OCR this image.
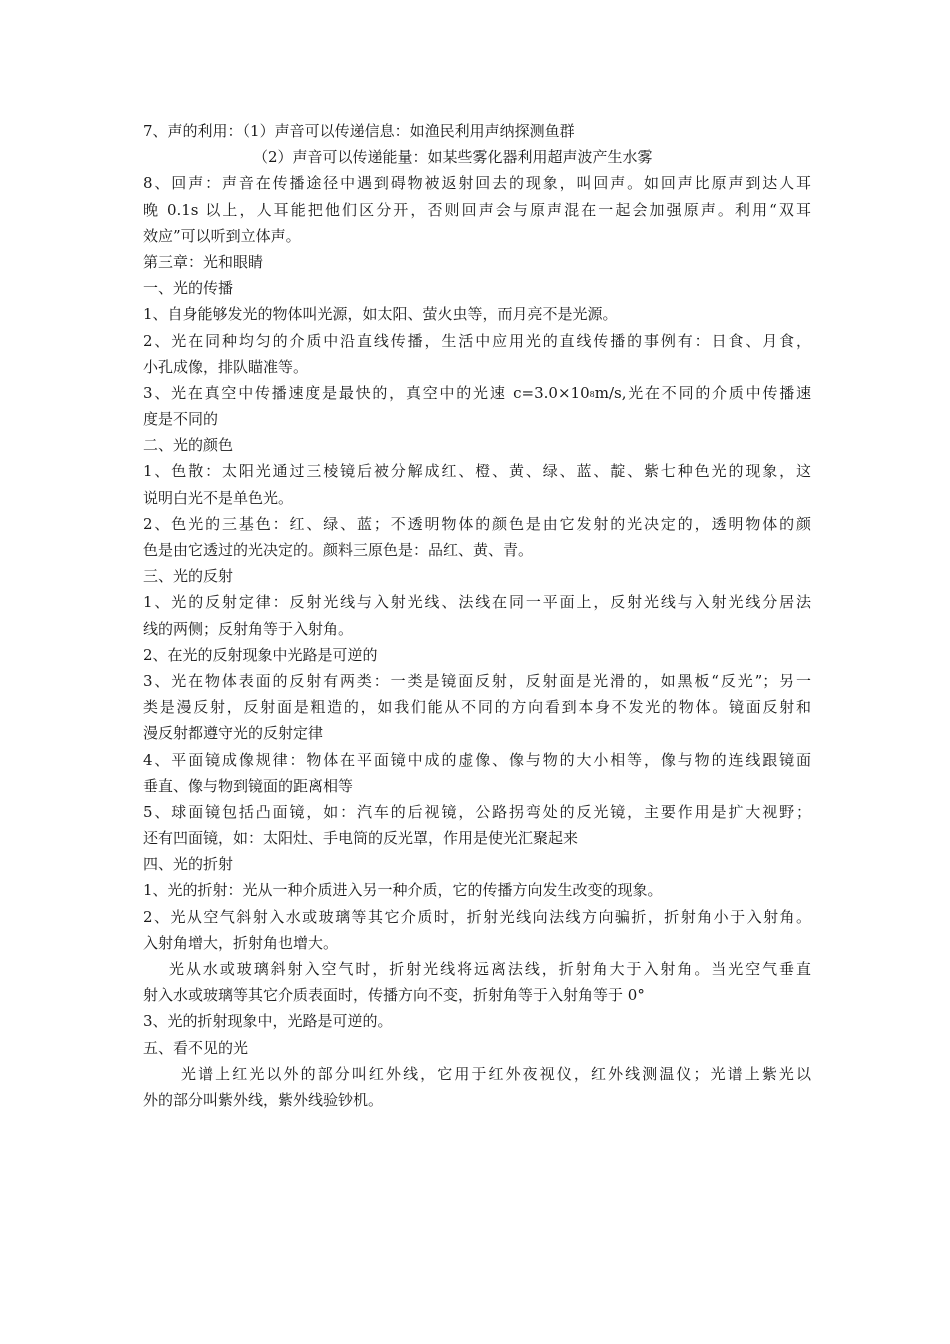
7、声的利用：（1）声音可以传递信息：如渔民利用声纳探测鱼群
（2）声音可以传递能量：如某些雾化器利用超声波产生水雾
8、回声：声音在传播途径中遇到碍物被返射回去的现象，叫回声。如回声比原声到达人耳
晚 0.1s 以上，人耳能把他们区分开，否则回声会与原声混在一起会加强原声。利用“双耳
效应”可以听到立体声。
第三章：光和眼睛
一、光的传播
1、自身能够发光的物体叫光源，如太阳、萤火虫等，而月亮不是光源。
2、光在同种均匀的介质中沿直线传播，生活中应用光的直线传播的事例有：日食、月食，
小孔成像，排队瞄准等。
3、光在真空中传播速度是最快的，真空中的光速 c=3.0×108m/s,光在不同的介质中传播速
度是不同的
二、光的颜色
1、色散：太阳光通过三棱镜后被分解成红、橙、黄、绿、蓝、靛、紫七种色光的现象，这
说明白光不是单色光。
2、色光的三基色：红、绿、蓝；不透明物体的颜色是由它发射的光决定的，透明物体的颜
色是由它透过的光决定的。颜料三原色是：品红、黄、青。
三、光的反射
1、光的反射定律：反射光线与入射光线、法线在同一平面上，反射光线与入射光线分居法
线的两侧；反射角等于入射角。
2、在光的反射现象中光路是可逆的
3、光在物体表面的反射有两类：一类是镜面反射，反射面是光滑的，如黑板“反光”；另一
类是漫反射，反射面是粗造的，如我们能从不同的方向看到本身不发光的物体。镜面反射和
漫反射都遵守光的反射定律
4、平面镜成像规律：物体在平面镜中成的虚像、像与物的大小相等，像与物的连线跟镜面
垂直、像与物到镜面的距离相等
5、球面镜包括凸面镜，如：汽车的后视镜，公路拐弯处的反光镜，主要作用是扩大视野；
还有凹面镜，如：太阳灶、手电筒的反光罩，作用是使光汇聚起来
四、光的折射
1、光的折射：光从一种介质进入另一种介质，它的传播方向发生改变的现象。
2、光从空气斜射入水或玻璃等其它介质时，折射光线向法线方向骗折，折射角小于入射角。
入射角增大，折射角也增大。
光从水或玻璃斜射入空气时，折射光线将远离法线，折射角大于入射角。当光空气垂直
射入水或玻璃等其它介质表面时，传播方向不变，折射角等于入射角等于 0°
3、光的折射现象中，光路是可逆的。
五、看不见的光
光谱上红光以外的部分叫红外线，它用于红外夜视仪，红外线测温仪；光谱上紫光以
外的部分叫紫外线，紫外线验钞机。
